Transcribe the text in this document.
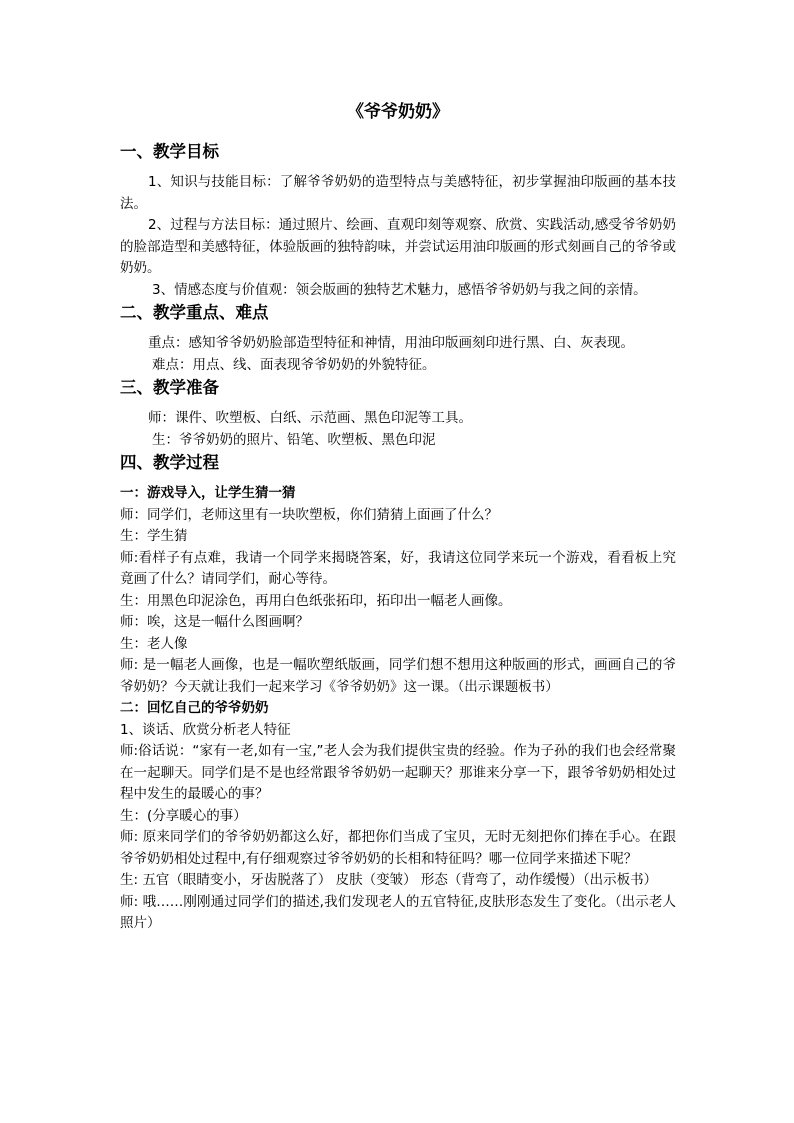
《爷爷奶奶》
一、教学目标

1、知识与技能目标：了解爷爷奶奶的造型特点与美感特征，初步掌握油印版画的基本技法。

2、过程与方法目标：通过照片、绘画、直观印刻等观察、欣赏、实践活动,感受爷爷奶奶的脸部造型和美感特征，体验版画的独特韵味，并尝试运用油印版画的形式刻画自己的爷爷或奶奶。

3、情感态度与价值观：领会版画的独特艺术魅力，感悟爷爷奶奶与我之间的亲情。

二、教学重点、难点

重点：感知爷爷奶奶脸部造型特征和神情，用油印版画刻印进行黑、白、灰表现。

难点：用点、线、面表现爷爷奶奶的外貌特征。

三、教学准备

师：课件、吹塑板、白纸、示范画、黑色印泥等工具。

生：爷爷奶奶的照片、铅笔、吹塑板、黑色印泥

四、教学过程

一：游戏导入，让学生猜一猜

师：同学们，老师这里有一块吹塑板，你们猜猜上面画了什么？

生：学生猜

师:看样子有点难，我请一个同学来揭晓答案，好，我请这位同学来玩一个游戏，看看板上究竟画了什么？请同学们，耐心等待。

生：用黑色印泥涂色，再用白色纸张拓印，拓印出一幅老人画像。

师：唉，这是一幅什么图画啊？

生：老人像

师: 是一幅老人画像，也是一幅吹塑纸版画，同学们想不想用这种版画的形式，画画自己的爷爷奶奶？今天就让我们一起来学习《爷爷奶奶》这一课。（出示课题板书）

二：回忆自己的爷爷奶奶

1、谈话、欣赏分析老人特征

师:俗话说：“家有一老,如有一宝,”老人会为我们提供宝贵的经验。作为子孙的我们也会经常聚在一起聊天。同学们是不是也经常跟爷爷奶奶一起聊天？那谁来分享一下，跟爷爷奶奶相处过程中发生的最暖心的事？

生：(分享暖心的事）

师: 原来同学们的爷爷奶奶都这么好，都把你们当成了宝贝，无时无刻把你们捧在手心。在跟爷爷奶奶相处过程中,有仔细观察过爷爷奶奶的长相和特征吗？哪一位同学来描述下呢？

生: 五官（眼睛变小，牙齿脱落了） 皮肤（变皱） 形态（背弯了，动作缓慢）（出示板书）

师: 哦……刚刚通过同学们的描述,我们发现老人的五官特征,皮肤形态发生了变化。（出示老人照片）
